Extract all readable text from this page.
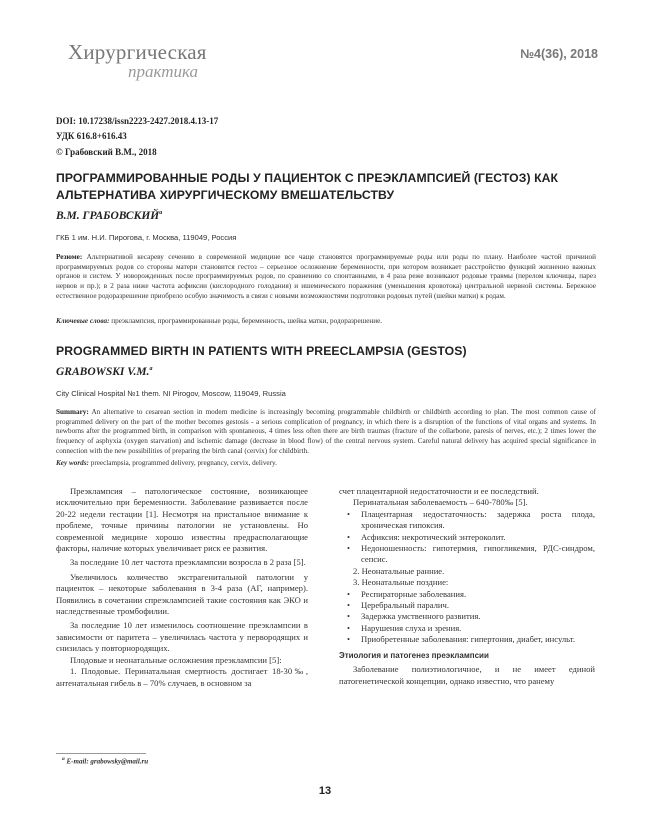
Хирургическая
практика
№4(36), 2018
DOI: 10.17238/issn2223-2427.2018.4.13-17
УДК 616.8+616.43
© Грабовский В.М., 2018
ПРОГРАММИРОВАННЫЕ РОДЫ У ПАЦИЕНТОК С ПРЕЭКЛАМПСИЕЙ (ГЕСТОЗ) КАК АЛЬТЕРНАТИВА ХИРУРГИЧЕСКОМУ ВМЕШАТЕЛЬСТВУ
В.М. ГРАБОВСКИЙ$^a$
ГКБ 1 им. Н.И. Пирогова, г. Москва, 119049, Россия
Резюме: Альтернативой кесареву сечению в современной медицине все чаще становятся программируемые роды или роды по плану. Наиболее частой причиной программируемых родов со стороны матери становится гестоз – серьезное осложнение беременности, при котором возникает расстройство функций жизненно важных органов и систем. У новорожденных после программируемых родов, по сравнению со спонтанными, в 4 раза реже возникают родовые травмы (перелом ключицы, парез нервов и пр.); в 2 раза ниже частота асфиксии (кислородного голодания) и ишемического поражения (уменьшения кровотока) центральной нервной системы. Бережное естественное родоразрешение приобрело особую значимость в связи с новыми возможностями подготовки родовых путей (шейки матки) к родам.
Ключевые слова: преэклампсия, программированные роды, беременность, шейка матки, родоразрешение.
PROGRAMMED BIRTH IN PATIENTS WITH PREECLAMPSIA (GESTOS)
GRABOWSKI V.M.$^a$
City Clinical Hospital №1 them. NI Pirogov, Moscow, 119049, Russia
Summary: An alternative to cesarean section in modern medicine is increasingly becoming programmable childbirth or childbirth according to plan. The most common cause of programmed delivery on the part of the mother becomes gestosis - a serious complication of pregnancy, in which there is a disruption of the functions of vital organs and systems. In newborns after the programmed birth, in comparison with spontaneous, 4 times less often there are birth traumas (fracture of the collarbone, paresis of nerves, etc.); 2 times lower the frequency of asphyxia (oxygen starvation) and ischemic damage (decrease in blood flow) of the central nervous system. Careful natural delivery has acquired special significance in connection with the new possibilities of preparing the birth canal (cervix) for childbirth.
Key words: preeclampsia, programmed delivery, pregnancy, cervix, delivery.

Преэклампсия – патологическое состояние, возникающее исключительно при беременности. Заболевание развивается после 20-22 недели гестации [1]. Несмотря на пристальное внимание к проблеме, точные причины патологии не установлены. Но современной медицине хорошо известны предрасполагающие факторы, наличие которых увеличивает риск ее развития.

За последние 10 лет частота преэклампсии возросла в 2 раза [5].

Увеличилось количество экстрагенитальной патологии у пациенток – некоторые заболевания в 3-4 раза (АГ, например). Появились в сочетании спреэклампсией такие состояния как ЭКО и наследственные тромбофилии.

За последние 10 лет изменилось соотношение преэклампсии в зависимости от паритета – увеличилась частота у первородящих и снизилась у повторнородящих.

Плодовые и неонатальные осложнения преэклампсии [5]:

1. Плодовые. Перинатальная смертность достигает 18-30‰, антенатальная гибель в – 70% случаев, в основном за

счет плацентарной недостаточности и ее последствий.

Перинатальная заболеваемость – 640-780‰ [5].

• Плацентарная недостаточность: задержка роста плода, хроническая гипоксия.
• Асфиксия: некротический энтероколит.
• Недоношенность: гипотермия, гипогликемия, РДС-синдром, сепсис.

2. Неонатальные ранние.

3. Неонатальные поздние:

• Респираторные заболевания.
• Церебральный паралич.
• Задержка умственного развития.
• Нарушения слуха и зрения.
• Приобретенные заболевания: гипертония, диабет, инсульт.

Этиология и патогенез преэклампсии

Заболевание полиэтиологичное, и не имеет единой патогенетической концепции, однако известно, что ранему

$^a$ E-mail: grabowsky@mail.ru
13
